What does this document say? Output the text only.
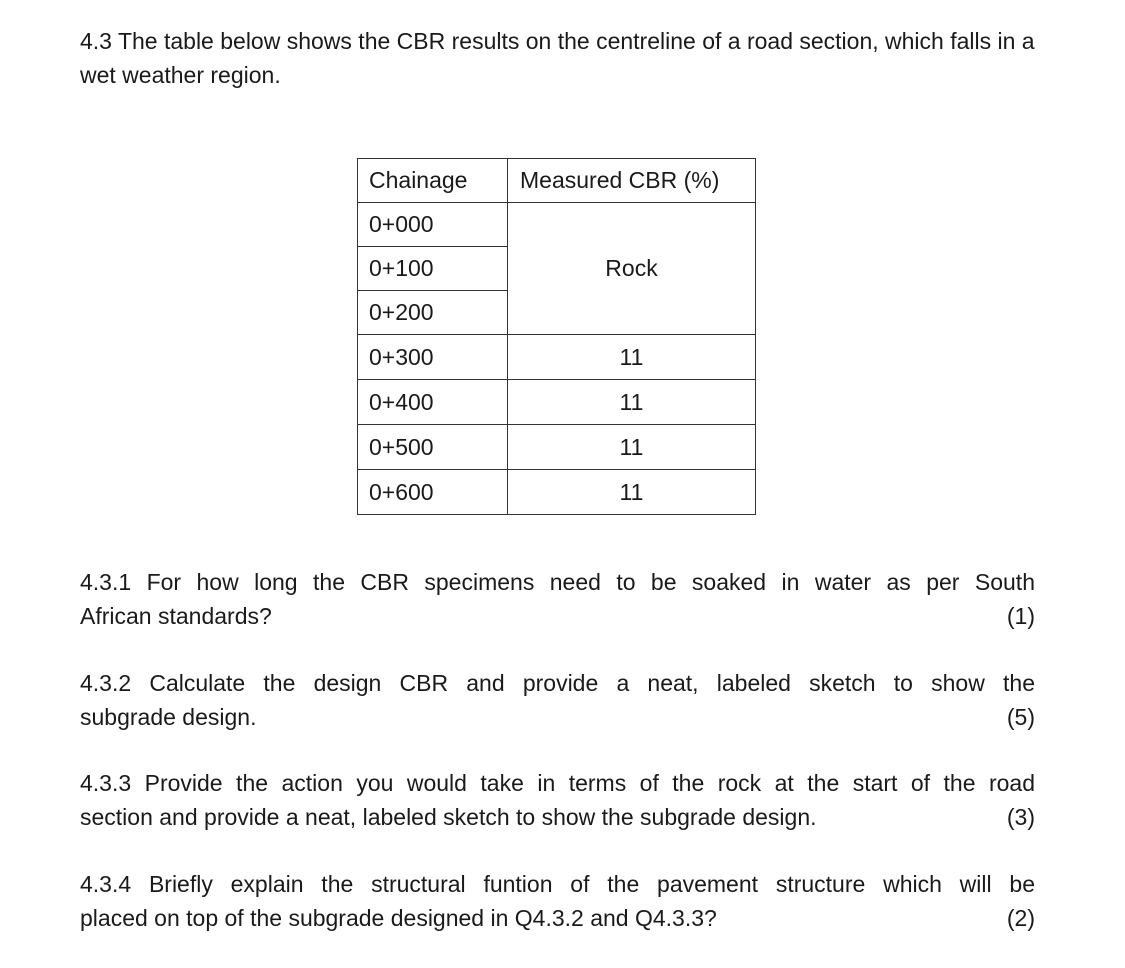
4.3 The table below shows the CBR results on the centreline of a road section, which falls in a wet weather region.

Chainage	Measured CBR (%)
0+000	Rock
0+100	
0+200	
0+300	11
0+400	11
0+500	11
0+600	11
4.3.1 For how long the CBR specimens need to be soaked in water as per South
African standards?	(1)
4.3.2 Calculate the design CBR and provide a neat, labeled sketch to show the
subgrade design.	(5)
4.3.3 Provide the action you would take in terms of the rock at the start of the road
section and provide a neat, labeled sketch to show the subgrade design.	(3)
4.3.4 Briefly explain the structural funtion of the pavement structure which will be
placed on top of the subgrade designed in Q4.3.2 and Q4.3.3?	(2)
